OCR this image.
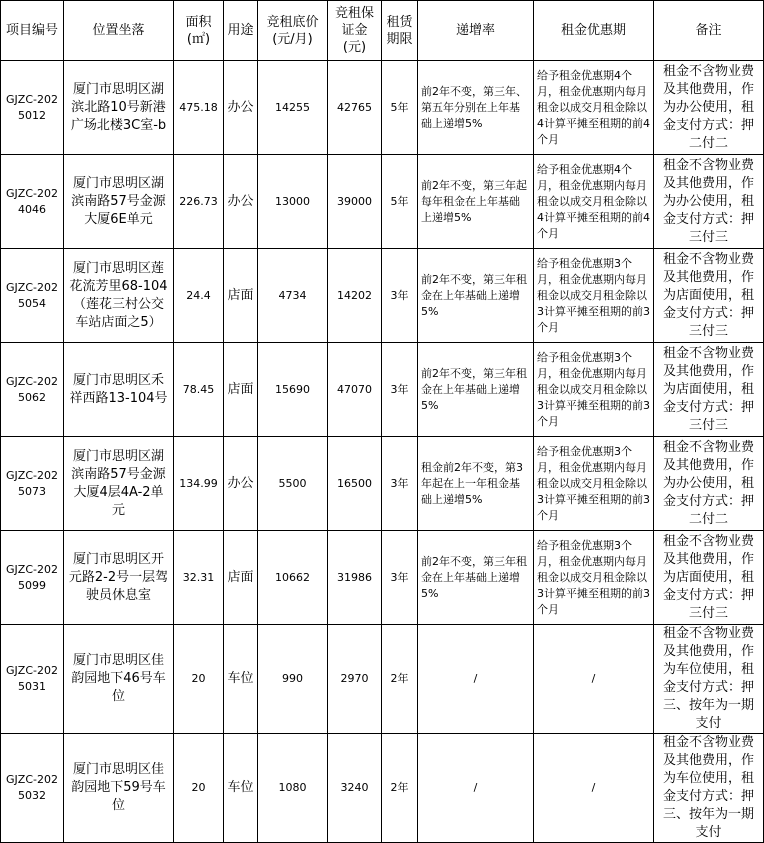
项目编号	位置坐落	面积(㎡)	用途	竞租底价(元/月)	竞租保证金(元)	租赁期限	递增率	租金优惠期	备注
GJZC-2025012	厦门市思明区湖滨北路10号新港广场北楼3C室-b	475.18	办公	14255	42765	5年	前2年不变，第三年、第五年分别在上年基础上递增5%	给予租金优惠期4个月，租金优惠期内每月租金以成交月租金除以4计算平摊至租期的前4个月	租金不含物业费及其他费用，作为办公使用，租金支付方式：押二付二
GJZC-2024046	厦门市思明区湖滨南路57号金源大厦6E单元	226.73	办公	13000	39000	5年	前2年不变，第三年起每年租金在上年基础上递增5%	给予租金优惠期4个月，租金优惠期内每月租金以成交月租金除以4计算平摊至租期的前4个月	租金不含物业费及其他费用，作为办公使用，租金支付方式：押三付三
GJZC-2025054	厦门市思明区莲花流芳里68-104（莲花三村公交车站店面之5）	24.4	店面	4734	14202	3年	前2年不变，第三年租金在上年基础上递增5%	给予租金优惠期3个月，租金优惠期内每月租金以成交月租金除以3计算平摊至租期的前3个月	租金不含物业费及其他费用，作为店面使用，租金支付方式：押三付三
GJZC-2025062	厦门市思明区禾祥西路13-104号	78.45	店面	15690	47070	3年	前2年不变，第三年租金在上年基础上递增5%	给予租金优惠期3个月，租金优惠期内每月租金以成交月租金除以3计算平摊至租期的前3个月	租金不含物业费及其他费用，作为店面使用，租金支付方式：押三付三
GJZC-2025073	厦门市思明区湖滨南路57号金源大厦4层4A-2单元	134.99	办公	5500	16500	3年	租金前2年不变，第3年起在上一年租金基础上递增5%	给予租金优惠期3个月，租金优惠期内每月租金以成交月租金除以3计算平摊至租期的前3个月	租金不含物业费及其他费用，作为办公使用，租金支付方式：押二付二
GJZC-2025099	厦门市思明区开元路2-2号一层驾驶员休息室	32.31	店面	10662	31986	3年	前2年不变，第三年租金在上年基础上递增5%	给予租金优惠期3个月，租金优惠期内每月租金以成交月租金除以3计算平摊至租期的前3个月	租金不含物业费及其他费用，作为店面使用，租金支付方式：押三付三
GJZC-2025031	厦门市思明区佳韵园地下46号车位	20	车位	990	2970	2年	/	/	租金不含物业费及其他费用，作为车位使用，租金支付方式：押三、按年为一期支付
GJZC-2025032	厦门市思明区佳韵园地下59号车位	20	车位	1080	3240	2年	/	/	租金不含物业费及其他费用，作为车位使用，租金支付方式：押三、按年为一期支付
